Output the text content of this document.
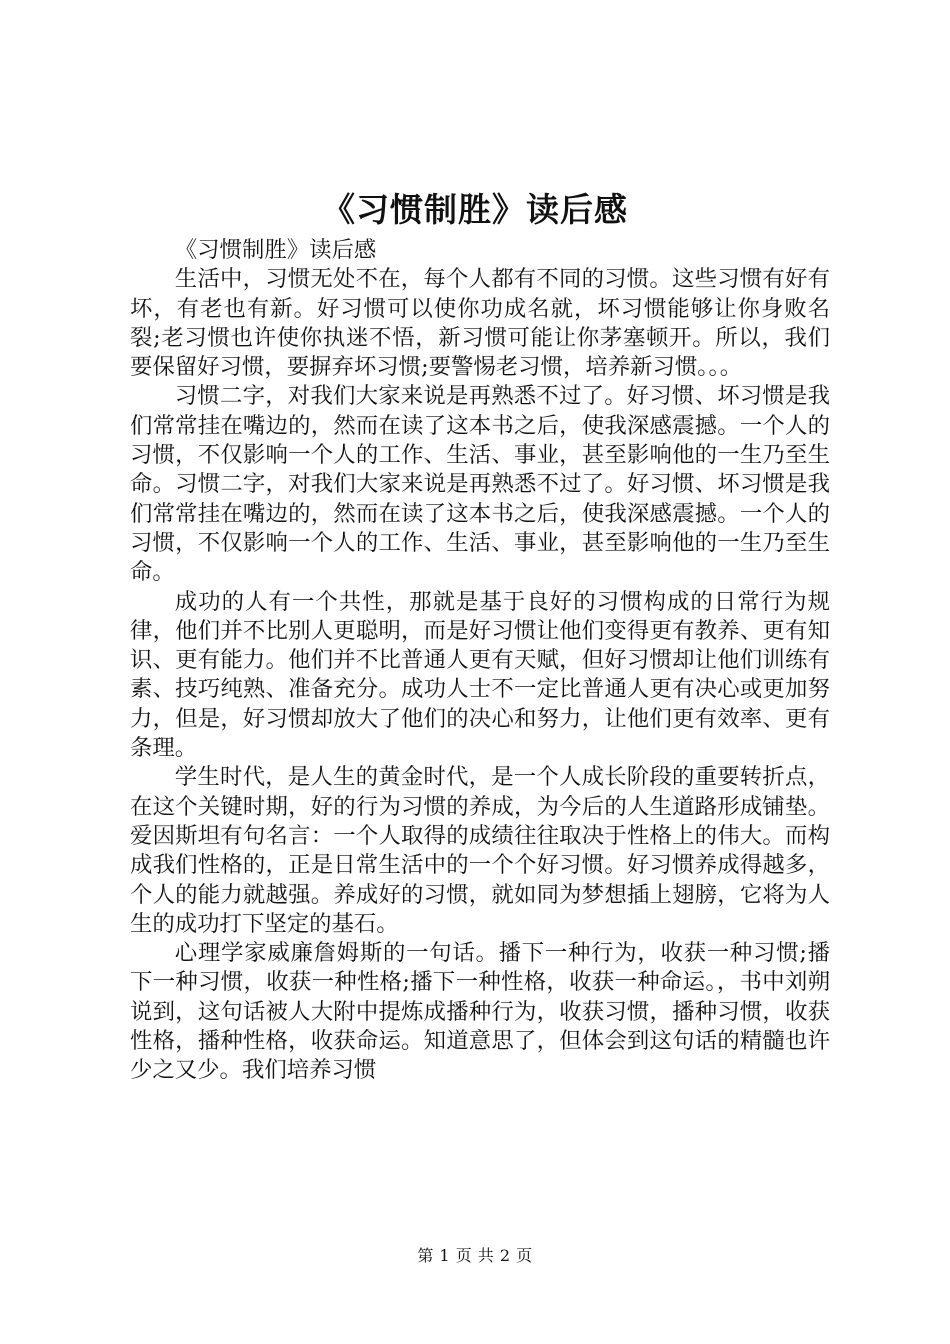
《习惯制胜》读后感

《习惯制胜》读后感

生活中，习惯无处不在，每个人都有不同的习惯。这些习惯有好有坏，有老也有新。好习惯可以使你功成名就，坏习惯能够让你身败名裂;老习惯也许使你执迷不悟，新习惯可能让你茅塞顿开。所以，我们要保留好习惯，要摒弃坏习惯;要警惕老习惯，培养新习惯。。。

习惯二字，对我们大家来说是再熟悉不过了。好习惯、坏习惯是我们常常挂在嘴边的，然而在读了这本书之后，使我深感震撼。一个人的习惯，不仅影响一个人的工作、生活、事业，甚至影响他的一生乃至生命。习惯二字，对我们大家来说是再熟悉不过了。好习惯、坏习惯是我们常常挂在嘴边的，然而在读了这本书之后，使我深感震撼。一个人的习惯，不仅影响一个人的工作、生活、事业，甚至影响他的一生乃至生命。

成功的人有一个共性，那就是基于良好的习惯构成的日常行为规律，他们并不比别人更聪明，而是好习惯让他们变得更有教养、更有知识、更有能力。他们并不比普通人更有天赋，但好习惯却让他们训练有素、技巧纯熟、准备充分。成功人士不一定比普通人更有决心或更加努力，但是，好习惯却放大了他们的决心和努力，让他们更有效率、更有条理。

学生时代，是人生的黄金时代，是一个人成长阶段的重要转折点，在这个关键时期，好的行为习惯的养成，为今后的人生道路形成铺垫。爱因斯坦有句名言：一个人取得的成绩往往取决于性格上的伟大。而构成我们性格的，正是日常生活中的一个个好习惯。好习惯养成得越多，个人的能力就越强。养成好的习惯，就如同为梦想插上翅膀，它将为人生的成功打下坚定的基石。

心理学家威廉詹姆斯的一句话。播下一种行为，收获一种习惯;播下一种习惯，收获一种性格;播下一种性格，收获一种命运。，书中刘朔说到，这句话被人大附中提炼成播种行为，收获习惯，播种习惯，收获性格，播种性格，收获命运。知道意思了，但体会到这句话的精髓也许少之又少。我们培养习惯

第 1 页 共 2 页
